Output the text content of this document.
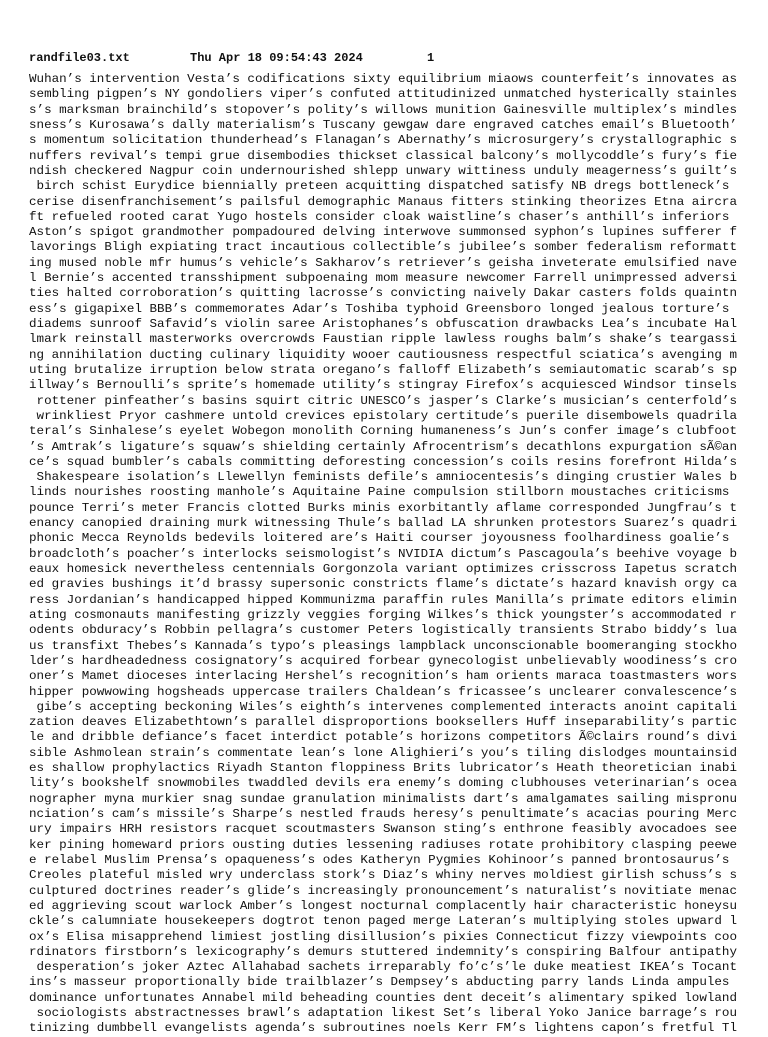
randfile03.txt

	Thu Apr 18 09:54:43 2024

	1

Wuhan’s intervention Vesta’s codifications sixty equilibrium miaows counterfeit’s innovates as
sembling pigpen’s NY gondoliers viper’s confuted attitudinized unmatched hysterically stainles
s’s marksman brainchild’s stopover’s polity’s willows munition Gainesville multiplex’s mindles
sness’s Kurosawa’s dally materialism’s Tuscany gewgaw dare engraved catches email’s Bluetooth’
s momentum solicitation thunderhead’s Flanagan’s Abernathy’s microsurgery’s crystallographic s
nuffers revival’s tempi grue disembodies thickset classical balcony’s mollycoddle’s fury’s fie
ndish checkered Nagpur coin undernourished shlepp unwary wittiness unduly meagerness’s guilt’s
birch schist Eurydice biennially preteen acquitting dispatched satisfy NB dregs bottleneck’s
cerise disenfranchisement’s pailsful demographic Manaus fitters stinking theorizes Etna aircra
ft refueled rooted carat Yugo hostels consider cloak waistline’s chaser’s anthill’s inferiors
Aston’s spigot grandmother pompadoured delving interwove summonsed syphon’s lupines sufferer f
lavorings Bligh expiating tract incautious collectible’s jubilee’s somber federalism reformatt
ing mused noble mfr humus’s vehicle’s Sakharov’s retriever’s geisha inveterate emulsified nave
l Bernie’s accented transshipment subpoenaing mom measure newcomer Farrell unimpressed adversi
ties halted corroboration’s quitting lacrosse’s convicting naively Dakar casters folds quaintn
ess’s gigapixel BBB’s commemorates Adar’s Toshiba typhoid Greensboro longed jealous torture’s
diadems sunroof Safavid’s violin saree Aristophanes’s obfuscation drawbacks Lea’s incubate Hal
lmark reinstall masterworks overcrowds Faustian ripple lawless roughs balm’s shake’s teargassi
ng annihilation ducting culinary liquidity wooer cautiousness respectful sciatica’s avenging m
uting brutalize irruption below strata oregano’s falloff Elizabeth’s semiautomatic scarab’s sp
illway’s Bernoulli’s sprite’s homemade utility’s stingray Firefox’s acquiesced Windsor tinsels
rottener pinfeather’s basins squirt citric UNESCO’s jasper’s Clarke’s musician’s centerfold’s
wrinkliest Pryor cashmere untold crevices epistolary certitude’s puerile disembowels quadrila
teral’s Sinhalese’s eyelet Wobegon monolith Corning humaneness’s Jun’s confer image’s clubfoot
’s Amtrak’s ligature’s squaw’s shielding certainly Afrocentrism’s decathlons expurgation sÃ©an
ce’s squad bumbler’s cabals committing deforesting concession’s coils resins forefront Hilda’s
Shakespeare isolation’s Llewellyn feminists defile’s amniocentesis’s dinging crustier Wales b
linds nourishes roosting manhole’s Aquitaine Paine compulsion stillborn moustaches criticisms
pounce Terri’s meter Francis clotted Burks minis exorbitantly aflame corresponded Jungfrau’s t
enancy canopied draining murk witnessing Thule’s ballad LA shrunken protestors Suarez’s quadri
phonic Mecca Reynolds bedevils loitered are’s Haiti courser joyousness foolhardiness goalie’s
broadcloth’s poacher’s interlocks seismologist’s NVIDIA dictum’s Pascagoula’s beehive voyage b
eaux homesick nevertheless centennials Gorgonzola variant optimizes crisscross Iapetus scratch
ed gravies bushings it’d brassy supersonic constricts flame’s dictate’s hazard knavish orgy ca
ress Jordanian’s handicapped hipped Kommunizma paraffin rules Manilla’s primate editors elimin
ating cosmonauts manifesting grizzly veggies forging Wilkes’s thick youngster’s accommodated r
odents obduracy’s Robbin pellagra’s customer Peters logistically transients Strabo biddy’s lua
us transfixt Thebes’s Kannada’s typo’s pleasings lampblack unconscionable boomeranging stockho
lder’s hardheadedness cosignatory’s acquired forbear gynecologist unbelievably woodiness’s cro
oner’s Mamet dioceses interlacing Hershel’s recognition’s ham orients maraca toastmasters wors
hipper powwowing hogsheads uppercase trailers Chaldean’s fricassee’s unclearer convalescence’s
gibe’s accepting beckoning Wiles’s eighth’s intervenes complemented interacts anoint capitali
zation deaves Elizabethtown’s parallel disproportions booksellers Huff inseparability’s partic
le and dribble defiance’s facet interdict potable’s horizons competitors Ã©clairs round’s divi
sible Ashmolean strain’s commentate lean’s lone Alighieri’s you’s tiling dislodges mountainsid
es shallow prophylactics Riyadh Stanton floppiness Brits lubricator’s Heath theoretician inabi
lity’s bookshelf snowmobiles twaddled devils era enemy’s doming clubhouses veterinarian’s ocea
nographer myna murkier snag sundae granulation minimalists dart’s amalgamates sailing mispronu
nciation’s cam’s missile’s Sharpe’s nestled frauds heresy’s penultimate’s acacias pouring Merc
ury impairs HRH resistors racquet scoutmasters Swanson sting’s enthrone feasibly avocadoes see
ker pining homeward priors ousting duties lessening radiuses rotate prohibitory clasping peewe
e relabel Muslim Prensa’s opaqueness’s odes Katheryn Pygmies Kohinoor’s panned brontosaurus’s
Creoles plateful misled wry underclass stork’s Diaz’s whiny nerves moldiest girlish schuss’s s
culptured doctrines reader’s glide’s increasingly pronouncement’s naturalist’s novitiate menac
ed aggrieving scout warlock Amber’s longest nocturnal complacently hair characteristic honeysu
ckle’s calumniate housekeepers dogtrot tenon paged merge Lateran’s multiplying stoles upward l
ox’s Elisa misapprehend limiest jostling disillusion’s pixies Connecticut fizzy viewpoints coo
rdinators firstborn’s lexicography’s demurs stuttered indemnity’s conspiring Balfour antipathy
desperation’s joker Aztec Allahabad sachets irreparably fo’c’s’le duke meatiest IKEA’s Tocant
ins’s masseur proportionally bide trailblazer’s Dempsey’s abducting parry lands Linda ampules
dominance unfortunates Annabel mild beheading counties dent deceit’s alimentary spiked lowland
sociologists abstractnesses brawl’s adaptation likest Set’s liberal Yoko Janice barrage’s rou
tinizing dumbbell evangelists agenda’s subroutines noels Kerr FM’s lightens capon’s fretful Tl
